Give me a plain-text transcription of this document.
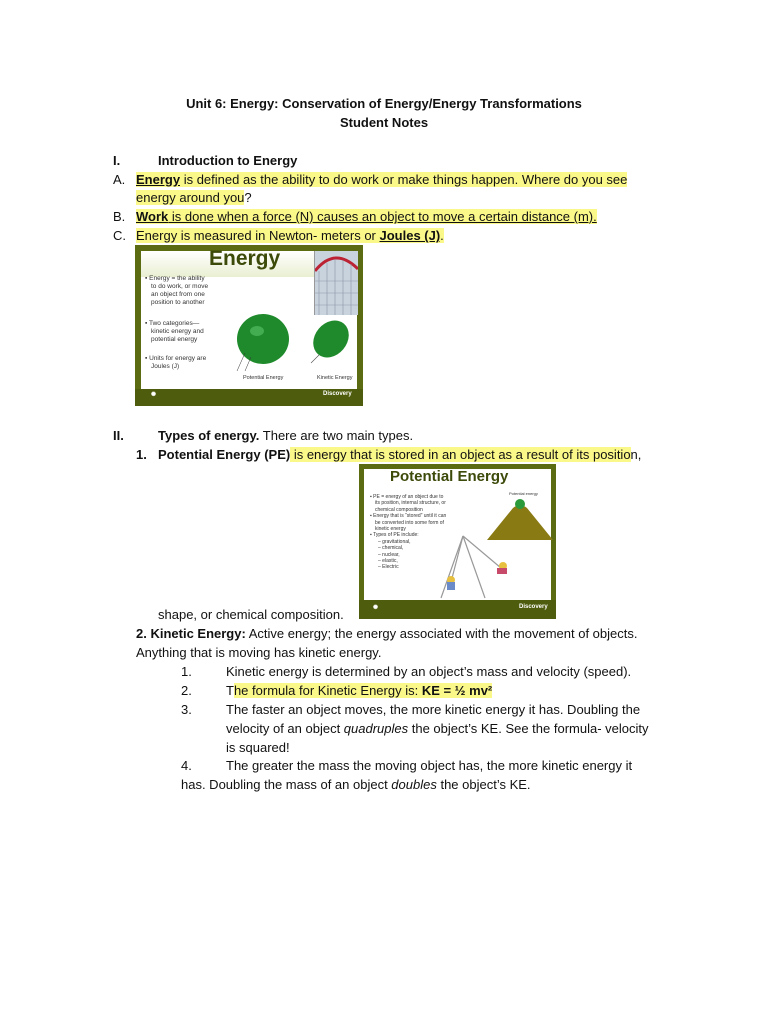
Unit 6: Energy: Conservation of Energy/Energy Transformations
Student Notes
I.	Introduction to Energy
A. Energy is defined as the ability to do work or make things happen. Where do you see
energy around you?
B. Work is done when a force (N) causes an object to move a certain distance (m).
C. Energy is measured in Newton- meters or Joules (J).
Energy
▪ Energy = the ability
to do work, or move
an object from one
position to another
▪ Two categories—
kinetic energy and
potential energy
▪ Units for energy are
Joules (J)
Potential Energy	Kinetic Energy
✺	Discovery
II.	Types of energy. There are two main types.
1. Potential Energy (PE) is energy that is stored in an object as a result of its position,
Potential Energy
▪ PE = energy of an object due to
its position, internal structure, or
chemical composition
▪ Energy that is “stored” until it can
be converted into some form of
kinetic energy
▪ Types of PE include:
– gravitational,
– chemical,
– nuclear,
– elastic,
– Electric
Potential energy
✺	Discovery
shape, or chemical composition.
2. Kinetic Energy: Active energy; the energy associated with the movement of objects.
Anything that is moving has kinetic energy.
1.	Kinetic energy is determined by an object’s mass and velocity (speed).
2.	The formula for Kinetic Energy is: KE = ½ mv²
3.	The faster an object moves, the more kinetic energy it has. Doubling the
velocity of an object quadruples the object’s KE. See the formula- velocity
is squared!
4.	The greater the mass the moving object has, the more kinetic energy it
has. Doubling the mass of an object doubles the object’s KE.
